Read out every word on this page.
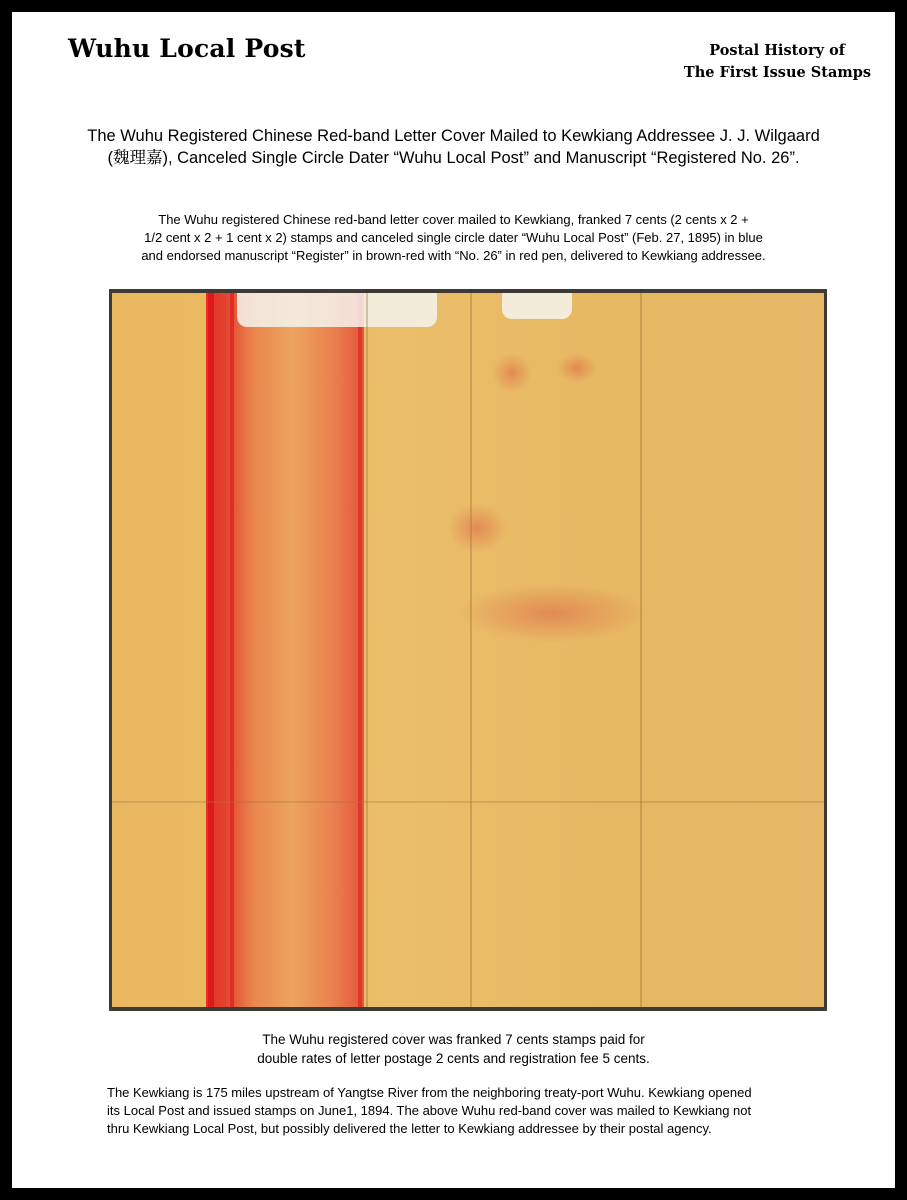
Wuhu Local Post	Postal History of
The First Issue Stamps
The Wuhu Registered Chinese Red-band Letter Cover Mailed to Kewkiang Addressee J. J. Wilgaard
(魏理嘉), Canceled Single Circle Dater “Wuhu Local Post” and Manuscript “Registered No. 26”.
The Wuhu registered Chinese red-band letter cover mailed to Kewkiang, franked 7 cents (2 cents x 2 +
1/2 cent x 2 + 1 cent x 2) stamps and canceled single circle dater “Wuhu Local Post” (Feb. 27, 1895) in blue
and endorsed manuscript “Register” in brown-red with “No. 26” in red pen, delivered to Kewkiang addressee.
The Wuhu registered cover was franked 7 cents stamps paid for
double rates of letter postage 2 cents and registration fee 5 cents.
The Kewkiang is 175 miles upstream of Yangtse River from the neighboring treaty-port Wuhu. Kewkiang opened
its Local Post and issued stamps on June1, 1894. The above Wuhu red-band cover was mailed to Kewkiang not
thru Kewkiang Local Post, but possibly delivered the letter to Kewkiang addressee by their postal agency.
